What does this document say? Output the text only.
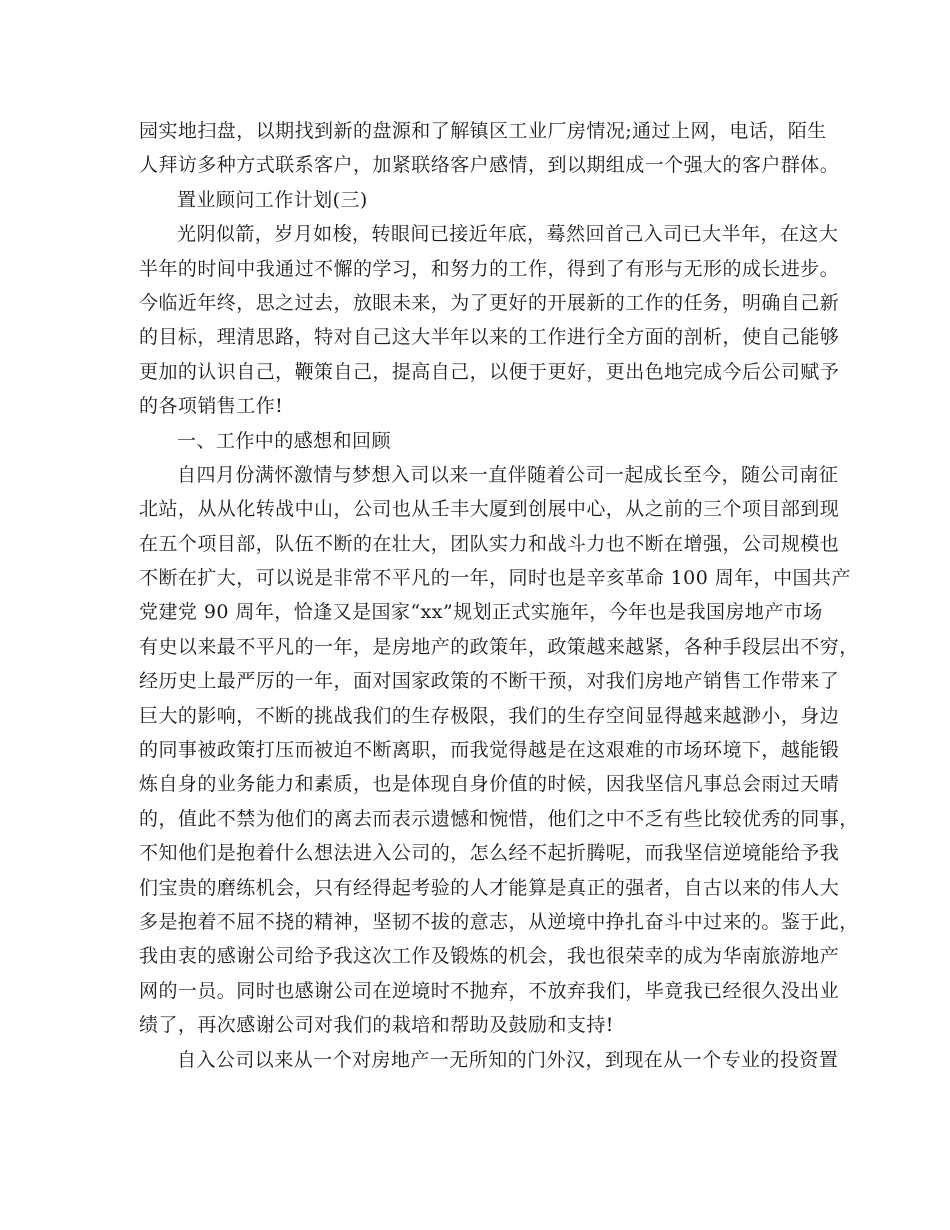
园实地扫盘，以期找到新的盘源和了解镇区工业厂房情况;通过上网，电话，陌生
人拜访多种方式联系客户，加紧联络客户感情，到以期组成一个强大的客户群体。
置业顾问工作计划(三)
光阴似箭，岁月如梭，转眼间已接近年底，蓦然回首己入司已大半年，在这大
半年的时间中我通过不懈的学习，和努力的工作，得到了有形与无形的成长进步。
今临近年终，思之过去，放眼未来，为了更好的开展新的工作的任务，明确自己新
的目标，理清思路，特对自己这大半年以来的工作进行全方面的剖析，使自己能够
更加的认识自己，鞭策自己，提高自己，以便于更好，更出色地完成今后公司赋予
的各项销售工作!
一、工作中的感想和回顾
自四月份满怀激情与梦想入司以来一直伴随着公司一起成长至今，随公司南征
北站，从从化转战中山，公司也从壬丰大厦到创展中心，从之前的三个项目部到现
在五个项目部，队伍不断的在壮大，团队实力和战斗力也不断在增强，公司规模也
不断在扩大，可以说是非常不平凡的一年，同时也是辛亥革命 100 周年，中国共产
党建党 90 周年，恰逢又是国家“xx”规划正式实施年，今年也是我国房地产市场
有史以来最不平凡的一年，是房地产的政策年，政策越来越紧，各种手段层出不穷，
经历史上最严厉的一年，面对国家政策的不断干预，对我们房地产销售工作带来了
巨大的影响，不断的挑战我们的生存极限，我们的生存空间显得越来越渺小，身边
的同事被政策打压而被迫不断离职，而我觉得越是在这艰难的市场环境下，越能锻
炼自身的业务能力和素质，也是体现自身价值的时候，因我坚信凡事总会雨过天晴
的，值此不禁为他们的离去而表示遗憾和惋惜，他们之中不乏有些比较优秀的同事，
不知他们是抱着什么想法进入公司的，怎么经不起折腾呢，而我坚信逆境能给予我
们宝贵的磨练机会，只有经得起考验的人才能算是真正的强者，自古以来的伟人大
多是抱着不屈不挠的精神，坚韧不拔的意志，从逆境中挣扎奋斗中过来的。鉴于此，
我由衷的感谢公司给予我这次工作及锻炼的机会，我也很荣幸的成为华南旅游地产
网的一员。同时也感谢公司在逆境时不抛弃，不放弃我们，毕竟我已经很久没出业
绩了，再次感谢公司对我们的栽培和帮助及鼓励和支持!
自入公司以来从一个对房地产一无所知的门外汉，到现在从一个专业的投资置
